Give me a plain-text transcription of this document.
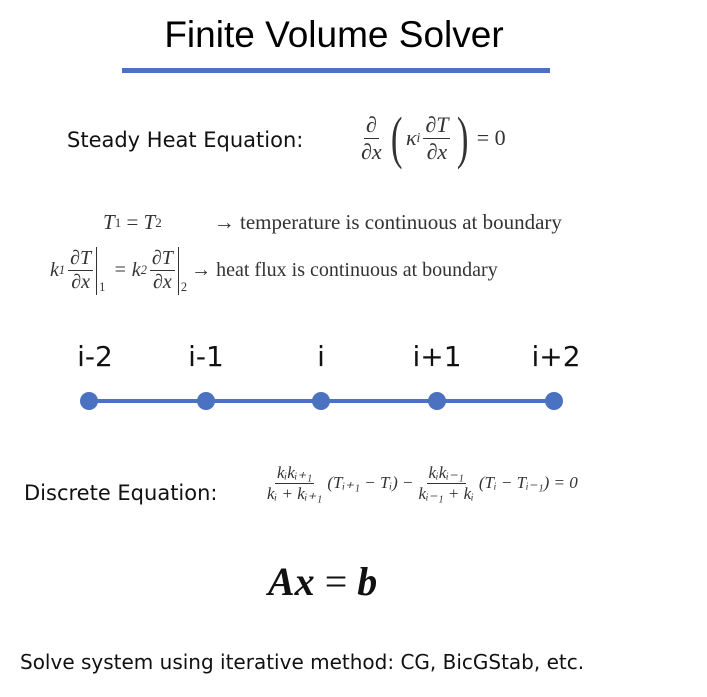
Finite Volume Solver
Steady Heat Equation:	$\frac{\partial}{\partial x}$ ( κ i $\frac{\partial T}{\partial x}$ ) = 0
T 1 = T 2 → temperature is continuous at boundary
k $1 \frac{\partial T}{\partial x} 1$
= k $2 \frac{\partial T}{\partial x} 2$
→ heat flux is continuous at boundary
i-2	i-1	i	i+1	i+2
Discrete Equation:	$\frac{\text{kᵢkᵢ₊₁}}{\text{kᵢ + kᵢ₊₁}}$ (Tᵢ₊₁ − Tᵢ) − $\frac{\text{kᵢkᵢ₋₁}}{\text{kᵢ₋₁ + kᵢ}}$ (Tᵢ − Tᵢ₋₁) = 0
Ax = b
Solve system using iterative method: CG, BicGStab, etc.
